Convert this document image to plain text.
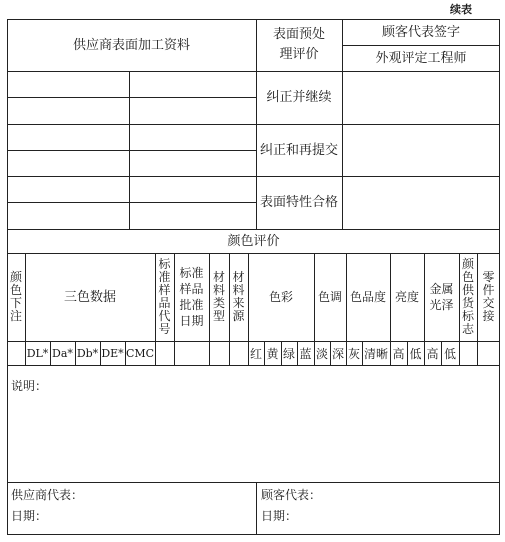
续表
供应商表面加工资料
表面预处理评价
顾客代表签字
外观评定工程师
纠正并继续
纠正和再提交
表面特性合格
颜色评价
颜色下注
三色数据
标准样品代号
标准样品批准日期
材料类型
材料来源
色彩	色调 色品度 亮度
金属光泽
颜色供货标志
零件交接
DL* Da* Db* DE* CMC	红 黄 绿 蓝 淡 深 灰 清晰 高 低 高 低
说明：
供应商代表：
日期：
顾客代表：
日期：
